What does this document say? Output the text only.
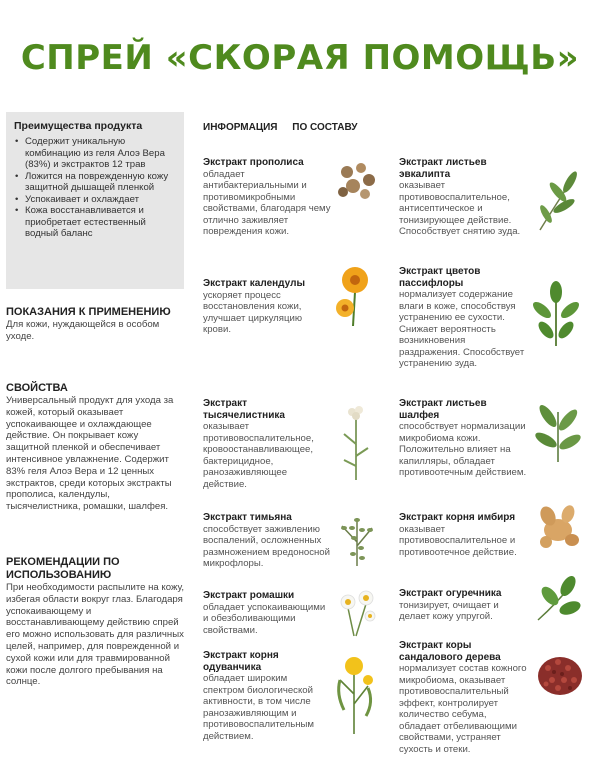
СПРЕЙ «СКОРАЯ ПОМОЩЬ»
Преимущества продукта
• Содержит уникальную комбинацию из геля Алоэ Вера (83%) и экстрактов 12 трав
• Ложится на поврежденную кожу защитной дышащей пленкой
• Успокаивает и охлаждает
• Кожа восстанавливается и приобретает естественный водный баланс
ПОКАЗАНИЯ К ПРИМЕНЕНИЮ

Для кожи, нуждающейся в особом уходе.

СВОЙСТВА

Универсальный продукт для ухода за кожей, который оказывает успокаивающее и охлаждающее действие. Он покрывает кожу защитной пленкой и обеспечивает интенсивное увлажнение. Содержит 83% геля Алоэ Вера и 12 ценных экстрактов, среди которых экстракты прополиса, календулы, тысячелистника, ромашки, шалфея.

РЕКОМЕНДАЦИИ ПО ИСПОЛЬЗОВАНИЮ

При необходимости распылите на кожу, избегая области вокруг глаз. Благодаря успокаивающему и восстанавливающему действию спрей его можно использовать для различных целей, например, для поврежденной и сухой кожи или для травмированной кожи после долгого пребывания на солнце.

ИНФОРМАЦИЯ ПО СОСТАВУ
Экстракт прополиса

обладает антибактериальными и противомикробными свойствами, благодаря чему отлично заживляет повреждения кожи.

Экстракт календулы

ускоряет процесс восстановления кожи, улучшает циркуляцию крови.

Экстракт тысячелистника

оказывает противовоспалительное, кровоостанавливающее, бактерицидное, ранозаживляющее действие.

Экстракт тимьяна

способствует заживлению воспалений, осложненных размножением вредоносной микрофлоры.

Экстракт ромашки

обладает успокаивающими и обезболивающими свойствами.

Экстракт корня одуванчика

обладает широким спектром биологической активности, в том числе ранозаживляющим и противовоспалительным действием.

Экстракт листьев эвкалипта

оказывает противовоспалительное, антисептическое и тонизирующее действие. Способствует снятию зуда.

Экстракт цветов пассифлоры

нормализует содержание влаги в коже, способствуя устранению ее сухости. Снижает вероятность возникновения раздражения. Способствует устранению зуда.

Экстракт листьев шалфея

способствует нормализации микробиома кожи. Положительно влияет на капилляры, обладает противоотечным действием.

Экстракт корня имбиря

оказывает противовоспалительное и противоотечное действие.

Экстракт огуречника

тонизирует, очищает и делает кожу упругой.

Экстракт коры сандалового дерева

нормализует состав кожного микробиома, оказывает противовоспалительный эффект, контролирует количество себума, обладает отбеливающими свойствами, устраняет сухость и отеки.
